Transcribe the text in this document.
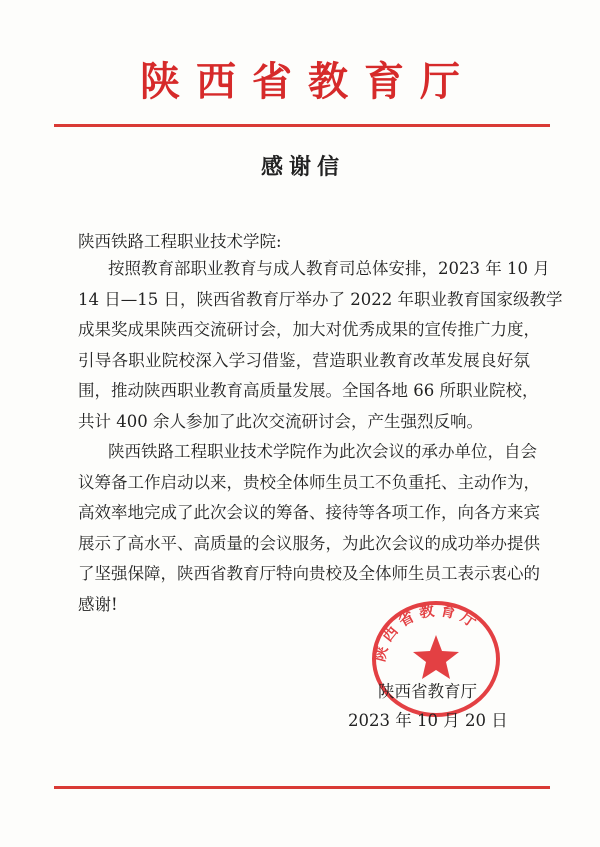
陕西省教育厅
感谢信
陕西铁路工程职业技术学院:

按照教育部职业教育与成人教育司总体安排，2023 年 10 月
14 日—15 日，陕西省教育厅举办了 2022 年职业教育国家级教学
成果奖成果陕西交流研讨会，加大对优秀成果的宣传推广力度，
引导各职业院校深入学习借鉴，营造职业教育改革发展良好氛
围，推动陕西职业教育高质量发展。全国各地 66 所职业院校，
共计 400 余人参加了此次交流研讨会，产生强烈反响。

陕西铁路工程职业技术学院作为此次会议的承办单位，自会
议筹备工作启动以来，贵校全体师生员工不负重托、主动作为，
高效率地完成了此次会议的筹备、接待等各项工作，向各方来宾
展示了高水平、高质量的会议服务，为此次会议的成功举办提供
了坚强保障，陕西省教育厅特向贵校及全体师生员工表示衷心的
感谢!

陕西省教育厅
陕西省教育厅
2023 年 10 月 20 日
